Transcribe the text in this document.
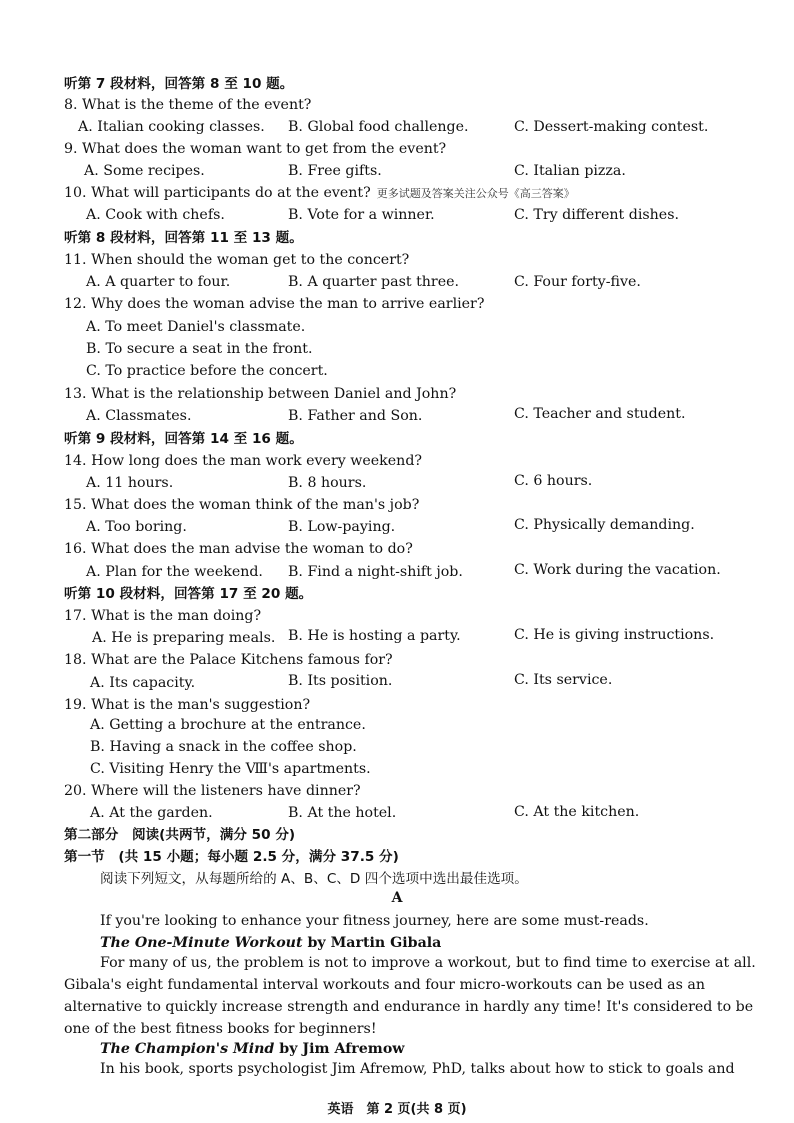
听第 7 段材料，回答第 8 至 10 题。
8. What is the theme of the event?
A. Italian cooking classes. B. Global food challenge.	C. Dessert-making contest.
9. What does the woman want to get from the event?
A. Some recipes.	B. Free gifts.	C. Italian pizza.
10. What will participants do at the event? 更多试题及答案关注公众号《高三答案》
A. Cook with chefs.	B. Vote for a winner.	C. Try different dishes.
听第 8 段材料，回答第 11 至 13 题。
11. When should the woman get to the concert?
A. A quarter to four.	B. A quarter past three.	C. Four forty-five.
12. Why does the woman advise the man to arrive earlier?
A. To meet Daniel's classmate.
B. To secure a seat in the front.
C. To practice before the concert.
13. What is the relationship between Daniel and John?
A. Classmates.	B. Father and Son.	C. Teacher and student.
听第 9 段材料，回答第 14 至 16 题。
14. How long does the man work every weekend?
A. 11 hours.	B. 8 hours.	C. 6 hours.
15. What does the woman think of the man's job?
A. Too boring.	B. Low-paying.	C. Physically demanding.
16. What does the man advise the woman to do?
A. Plan for the weekend. B. Find a night-shift job.	C. Work during the vacation.
听第 10 段材料，回答第 17 至 20 题。
17. What is the man doing?
A. He is preparing meals. B. He is hosting a party.	C. He is giving instructions.
18. What are the Palace Kitchens famous for?
A. Its capacity.	B. Its position.	C. Its service.
19. What is the man's suggestion?
A. Getting a brochure at the entrance.
B. Having a snack in the coffee shop.
C. Visiting Henry the Ⅷ's apartments.
20. Where will the listeners have dinner?
A. At the garden.	B. At the hotel.	C. At the kitchen.
第二部分　阅读(共两节，满分 50 分)
第一节　(共 15 小题；每小题 2.5 分，满分 37.5 分)
阅读下列短文，从每题所给的 A、B、C、D 四个选项中选出最佳选项。
A
If you're looking to enhance your fitness journey, here are some must-reads.
The One-Minute Workout by Martin Gibala
For many of us, the problem is not to improve a workout, but to find time to exercise at all. Gibala's eight fundamental interval workouts and four micro-workouts can be used as an alternative to quickly increase strength and endurance in hardly any time! It's considered to be one of the best fitness books for beginners!
The Champion's Mind by Jim Afremow
In his book, sports psychologist Jim Afremow, PhD, talks about how to stick to goals and
英语　第 2 页(共 8 页)
